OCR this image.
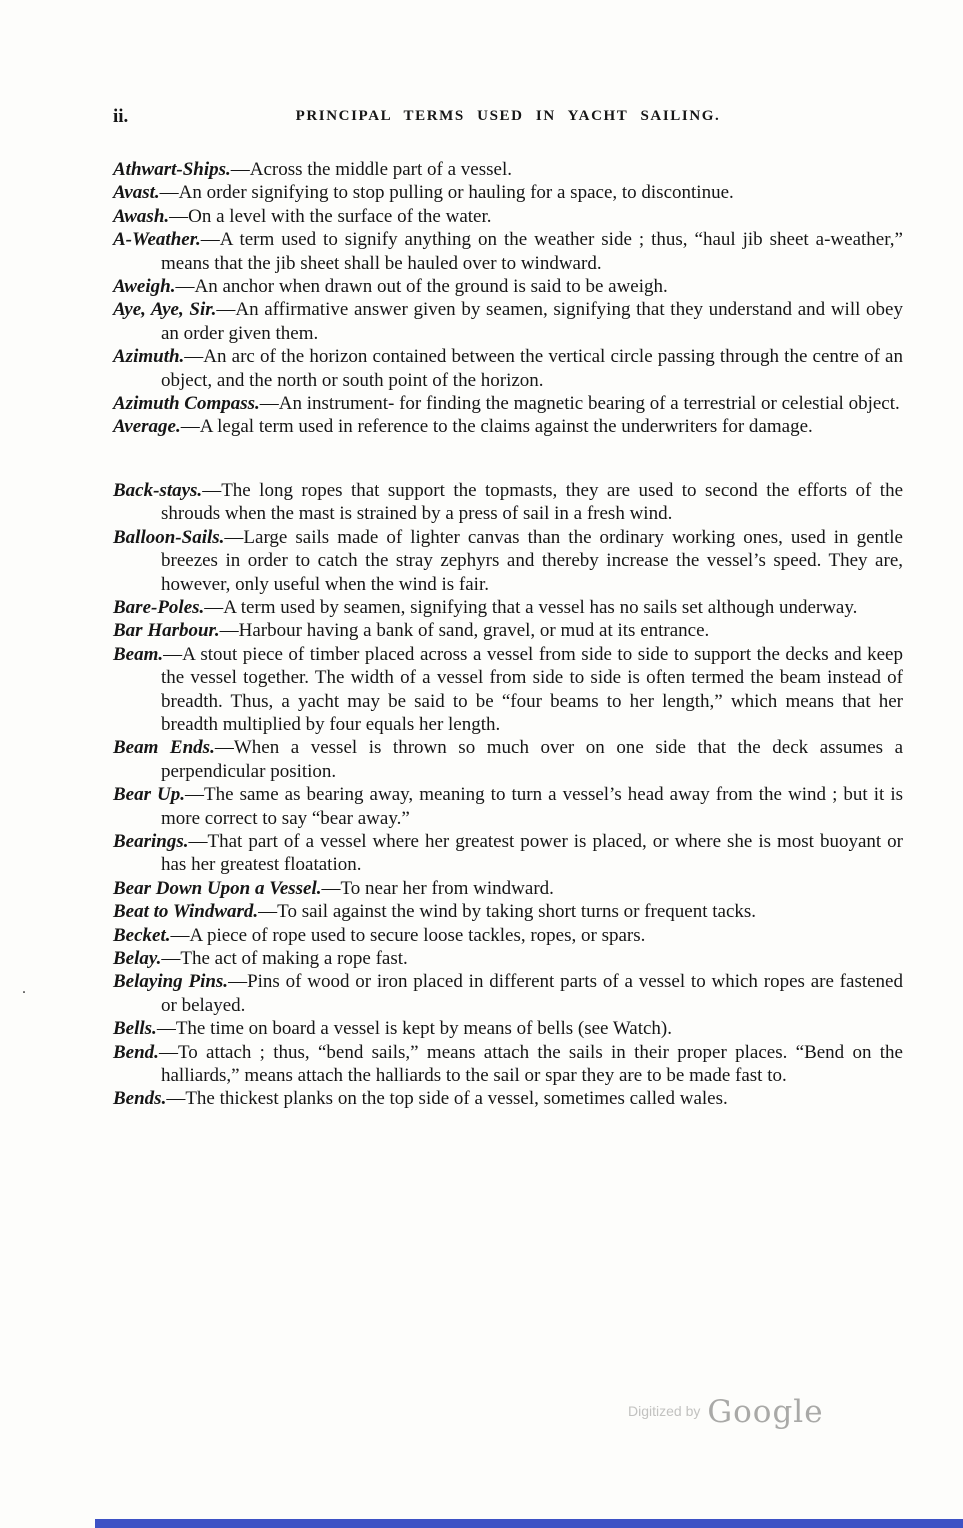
ii.	PRINCIPAL TERMS USED IN YACHT SAILING.

Athwart-Ships.—Across the middle part of a vessel.

Avast.—An order signifying to stop pulling or hauling for a space, to discontinue.

Awash.—On a level with the surface of the water.

A-Weather.—A term used to signify anything on the weather side ; thus, “haul jib sheet a-weather,” means that the jib sheet shall be hauled over to windward.

Aweigh.—An anchor when drawn out of the ground is said to be aweigh.

Aye, Aye, Sir.—An affirmative answer given by seamen, signifying that they understand and will obey an order given them.

Azimuth.—An arc of the horizon contained between the vertical circle passing through the centre of an object, and the north or south point of the horizon.

Azimuth Compass.—An instrument- for finding the magnetic bearing of a terrestrial or celestial object.

Average.—A legal term used in reference to the claims against the underwriters for damage.

Back-stays.—The long ropes that support the topmasts, they are used to second the efforts of the shrouds when the mast is strained by a press of sail in a fresh wind.

Balloon-Sails.—Large sails made of lighter canvas than the ordinary working ones, used in gentle breezes in order to catch the stray zephyrs and thereby increase the vessel’s speed. They are, however, only useful when the wind is fair.

Bare-Poles.—A term used by seamen, signifying that a vessel has no sails set although underway.

Bar Harbour.—Harbour having a bank of sand, gravel, or mud at its entrance.

Beam.—A stout piece of timber placed across a vessel from side to side to support the decks and keep the vessel together. The width of a vessel from side to side is often termed the beam instead of breadth. Thus, a yacht may be said to be “four beams to her length,” which means that her breadth multiplied by four equals her length.

Beam Ends.—When a vessel is thrown so much over on one side that the deck assumes a perpendicular position.

Bear Up.—The same as bearing away, meaning to turn a vessel’s head away from the wind ; but it is more correct to say “bear away.”

Bearings.—That part of a vessel where her greatest power is placed, or where she is most buoyant or has her greatest floatation.

Bear Down Upon a Vessel.—To near her from windward.

Beat to Windward.—To sail against the wind by taking short turns or frequent tacks.

Becket.—A piece of rope used to secure loose tackles, ropes, or spars.

Belay.—The act of making a rope fast.

Belaying Pins.—Pins of wood or iron placed in different parts of a vessel to which ropes are fastened or belayed.

Bells.—The time on board a vessel is kept by means of bells (see Watch).

Bend.—To attach ; thus, “bend sails,” means attach the sails in their proper places. “Bend on the halliards,” means attach the halliards to the sail or spar they are to be made fast to.

Bends.—The thickest planks on the top side of a vessel, sometimes called wales.

.
Digitized by Google
